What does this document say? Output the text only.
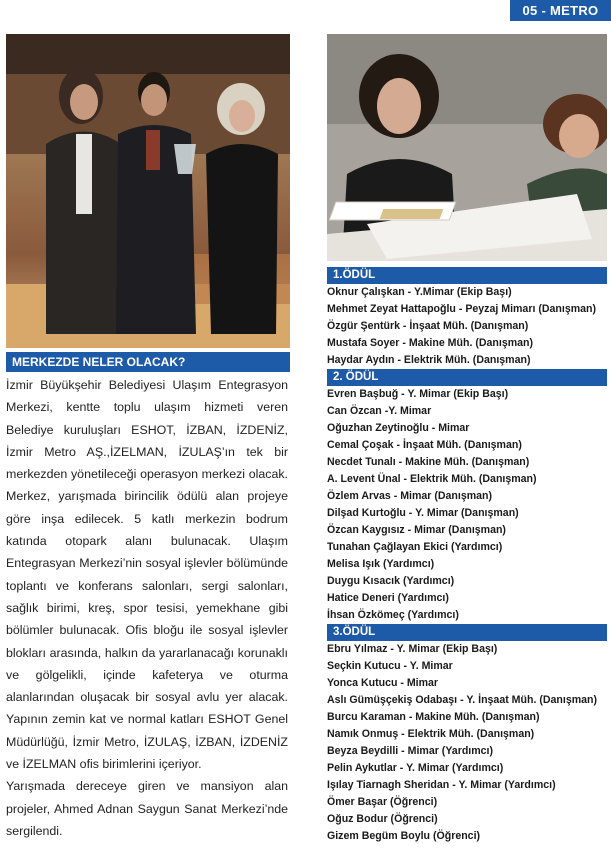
05 - METRO
MERKEZDE NELER OLACAK?

İzmir Büyükşehir Belediyesi Ulaşım Entegrasyon Merkezi, kentte toplu ulaşım hizmeti veren Belediye kuruluşları ESHOT, İZBAN, İZDENİZ, İzmir Metro AŞ.,İZELMAN, İZULAŞ’ın tek bir merkezden yönetileceği operasyon merkezi olacak. Merkez, yarışmada birincilik ödülü alan projeye göre inşa edilecek. 5 katlı merkezin bodrum katında otopark alanı bulunacak. Ulaşım Entegrasyan Merkezi’nin sosyal işlevler bölümünde toplantı ve konferans salonları, sergi salonları, sağlık birimi, kreş, spor tesisi, yemekhane gibi bölümler bulunacak. Ofis bloğu ile sosyal işlevler blokları arasında, halkın da yararlanacağı korunaklı ve gölgelikli, içinde kafeterya ve oturma alanlarından oluşacak bir sosyal avlu yer alacak. Yapının zemin kat ve normal katları ESHOT Genel Müdürlüğü, İzmir Metro, İZULAŞ, İZBAN, İZDENİZ ve İZELMAN ofis birimlerini içeriyor.

Yarışmada dereceye giren ve mansiyon alan projeler, Ahmed Adnan Saygun Sanat Merkezi’nde sergilendi.

1.ÖDÜL
Oknur Çalışkan - Y.Mimar (Ekip Başı)
Mehmet Zeyat Hattapoğlu - Peyzaj Mimarı (Danışman)
Özgür Şentürk - İnşaat Müh. (Danışman)
Mustafa Soyer - Makine Müh. (Danışman)
Haydar Aydın - Elektrik Müh. (Danışman)
2. ÖDÜL
Evren Başbuğ - Y. Mimar (Ekip Başı)
Can Özcan -Y. Mimar
Oğuzhan Zeytinoğlu - Mimar
Cemal Çoşak - İnşaat Müh. (Danışman)
Necdet Tunalı - Makine Müh. (Danışman)
A. Levent Ünal - Elektrik Müh. (Danışman)
Özlem Arvas - Mimar (Danışman)
Dilşad Kurtoğlu - Y. Mimar (Danışman)
Özcan Kaygısız - Mimar (Danışman)
Tunahan Çağlayan Ekici (Yardımcı)
Melisa Işık (Yardımcı)
Duygu Kısacık (Yardımcı)
Hatice Deneri (Yardımcı)
İhsan Özkömeç (Yardımcı)
3.ÖDÜL
Ebru Yılmaz - Y. Mimar (Ekip Başı)
Seçkin Kutucu - Y. Mimar
Yonca Kutucu - Mimar
Aslı Gümüşçekiş Odabaşı - Y. İnşaat Müh. (Danışman)
Burcu Karaman - Makine Müh. (Danışman)
Namık Onmuş - Elektrik Müh. (Danışman)
Beyza Beydilli - Mimar (Yardımcı)
Pelin Aykutlar - Y. Mimar (Yardımcı)
Işılay Tiarnagh Sheridan - Y. Mimar (Yardımcı)
Ömer Başar (Öğrenci)
Oğuz Bodur (Öğrenci)
Gizem Begüm Boylu (Öğrenci)
